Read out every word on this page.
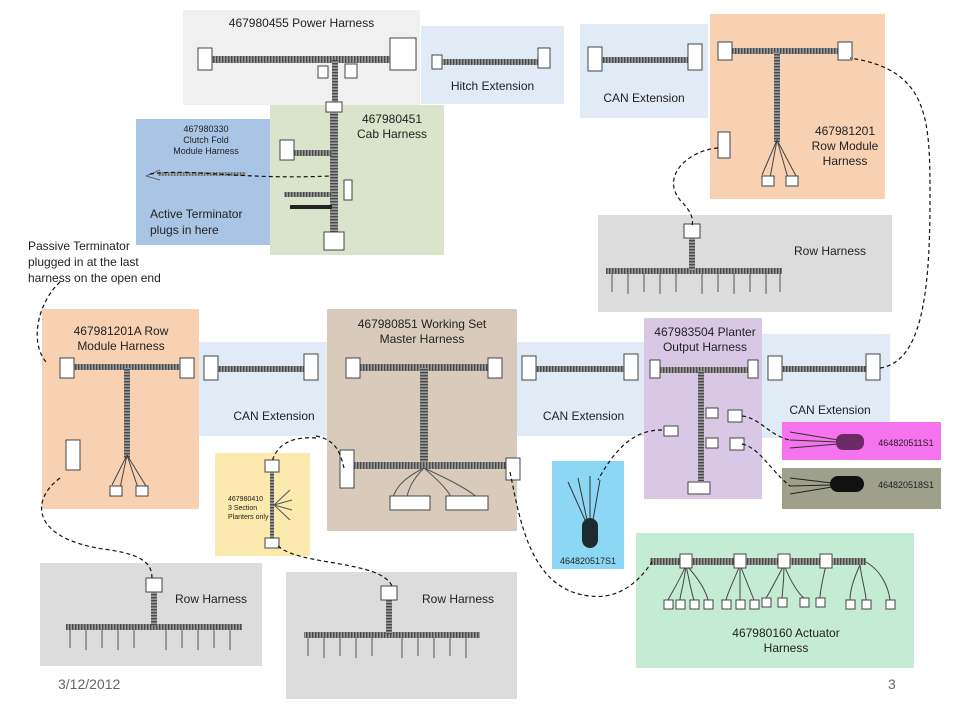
467980455 Power Harness
Hitch Extension
CAN Extension
467981201
Row Module
Harness
467980330
Clutch Fold
Module Harness
Active Terminator
plugs in here
467980451
Cab Harness
Row Harness
Passive Terminator
plugged in at the last
harness on the open end
467981201A Row
Module Harness
CAN Extension
467980851 Working Set
Master Harness
CAN Extension
467983504 Planter
Output Harness
CAN Extension
464820511S1
464820518S1
467980410
3 Section
Planters only
464820517S1
467980160 Actuator
Harness
Row Harness	Row Harness
3/12/2012	3
